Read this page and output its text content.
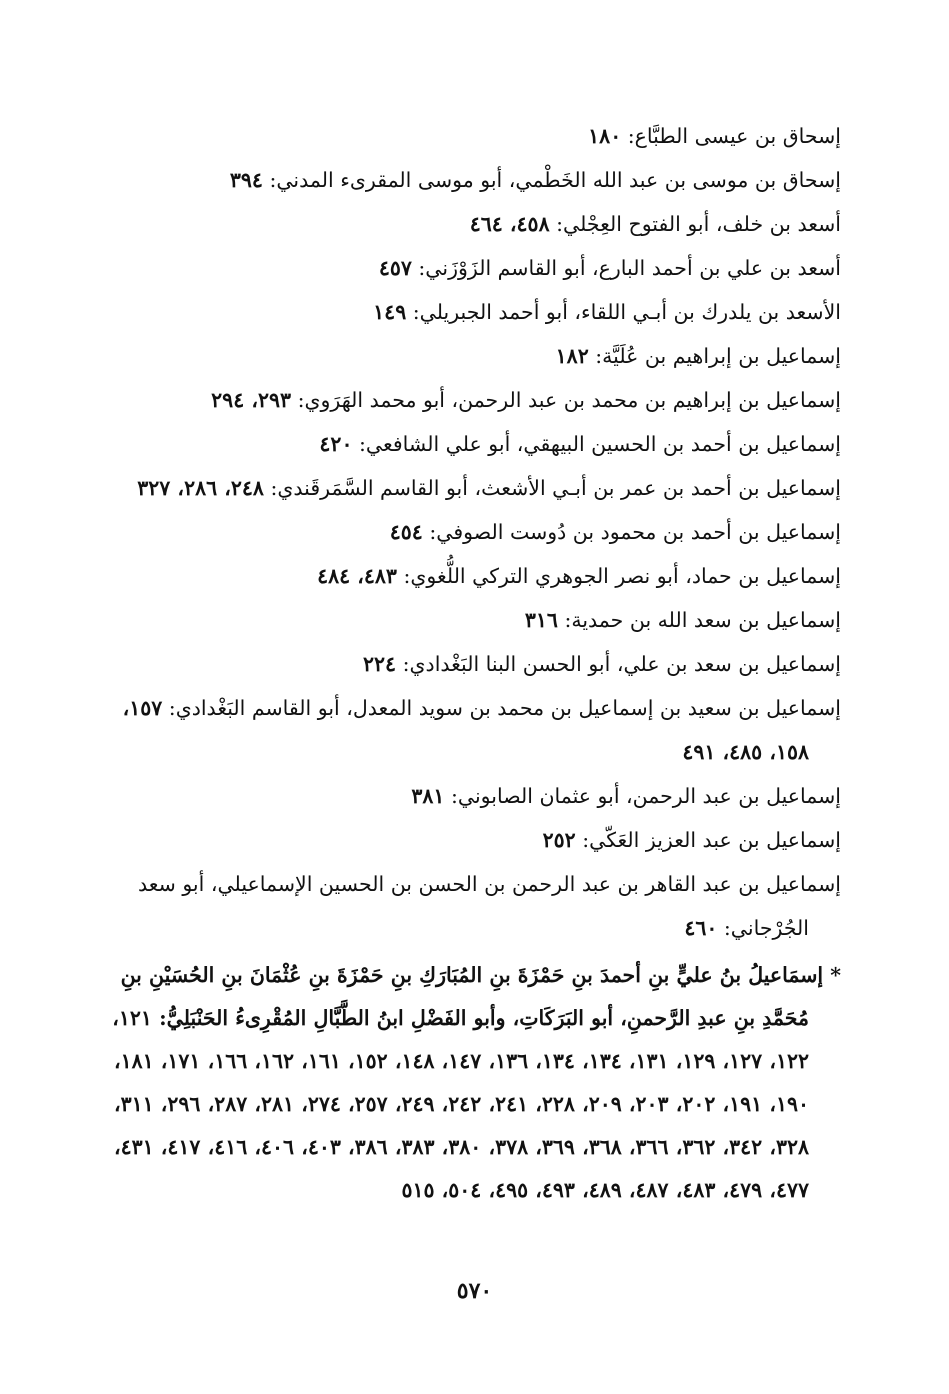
إسحاق بن عيسى الطبَّاع: ١٨٠
إسحاق بن موسى بن عبد الله الخَطْمي، أبو موسى المقرىء المدني: ٣٩٤
أسعد بن خلف، أبو الفتوح العِجْلي: ٤٥٨، ٤٦٤
أسعد بن علي بن أحمد البارع، أبو القاسم الزَوْزَني: ٤٥٧
الأسعد بن يلدرك بن أبـي اللقاء، أبو أحمد الجبريلي: ١٤٩
إسماعيل بن إبراهيم بن عُلَيَّة: ١٨٢
إسماعيل بن إبراهيم بن محمد بن عبد الرحمن، أبو محمد الهَرَوي: ٢٩٣، ٢٩٤
إسماعيل بن أحمد بن الحسين البيهقي، أبو علي الشافعي: ٤٢٠
إسماعيل بن أحمد بن عمر بن أبـي الأشعث، أبو القاسم السَّمَرقَندي: ٢٤٨، ٢٨٦، ٣٢٧
إسماعيل بن أحمد بن محمود بن دُوست الصوفي: ٤٥٤
إسماعيل بن حماد، أبو نصر الجوهري التركي اللُّغوي: ٤٨٣، ٤٨٤
إسماعيل بن سعد الله بن حمدية: ٣١٦
إسماعيل بن سعد بن علي، أبو الحسن البنا البَغْدادي: ٢٢٤
إسماعيل بن سعيد بن إسماعيل بن محمد بن سويد المعدل، أبو القاسم البَغْدادي: ١٥٧، ١٥٨، ٤٨٥، ٤٩١
إسماعيل بن عبد الرحمن، أبو عثمان الصابوني: ٣٨١
إسماعيل بن عبد العزيز العَكّي: ٢٥٢
إسماعيل بن عبد القاهر بن عبد الرحمن بن الحسن بن الحسين الإسماعيلي، أبو سعد الجُرْجاني: ٤٦٠
* إسمَاعيلُ بنُ عليٍّ بنِ أحمدَ بنِ حَمْزَةَ بنِ المُبَارَكِ بنِ حَمْزَةَ بنِ عُثْمَانَ بنِ الحُسَيْنِ بنِ مُحَمَّدِ بنِ عبدِ الرَّحمنِ، أبو البَرَكَاتِ، وأبو الفَضْلِ ابنُ الطَّبَّالِ المُقْرِىءُ الحَنْبَلِيُّ: ١٢١، ١٢٢، ١٢٧، ١٢٩، ١٣١، ١٣٤، ١٣٤، ١٣٦، ١٤٧، ١٤٨، ١٥٢، ١٦١، ١٦٢، ١٦٦، ١٧١، ١٨١، ١٩٠، ١٩١، ٢٠٢، ٢٠٣، ٢٠٩، ٢٢٨، ٢٤١، ٢٤٢، ٢٤٩، ٢٥٧، ٢٧٤، ٢٨١، ٢٨٧، ٢٩٦، ٣١١، ٣٢٨، ٣٤٢، ٣٦٢، ٣٦٦، ٣٦٨، ٣٦٩، ٣٧٨، ٣٨٠، ٣٨٣، ٣٨٦، ٤٠٣، ٤٠٦، ٤١٦، ٤١٧، ٤٣١، ٤٧٧، ٤٧٩، ٤٨٣، ٤٨٧، ٤٨٩، ٤٩٣، ٤٩٥، ٥٠٤، ٥١٥
٥٧٠
